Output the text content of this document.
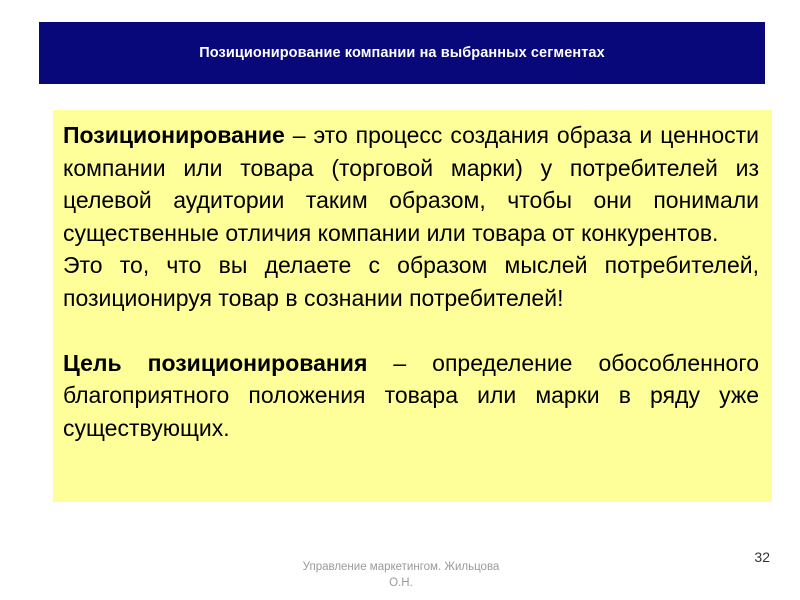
Позиционирование компании на выбранных сегментах

Позиционирование – это процесс создания образа и ценности компании или товара (торговой марки) у потребителей из целевой аудитории таким образом, чтобы они понимали существенные отличия компании или товара от конкурентов.

Это то, что вы делаете с образом мыслей потребителей, позиционируя товар в сознании потребителей!

Цель позиционирования – определение обособленного благоприятного положения товара или марки в ряду уже существующих.

Управление маркетингом. Жильцова О.Н.
32
